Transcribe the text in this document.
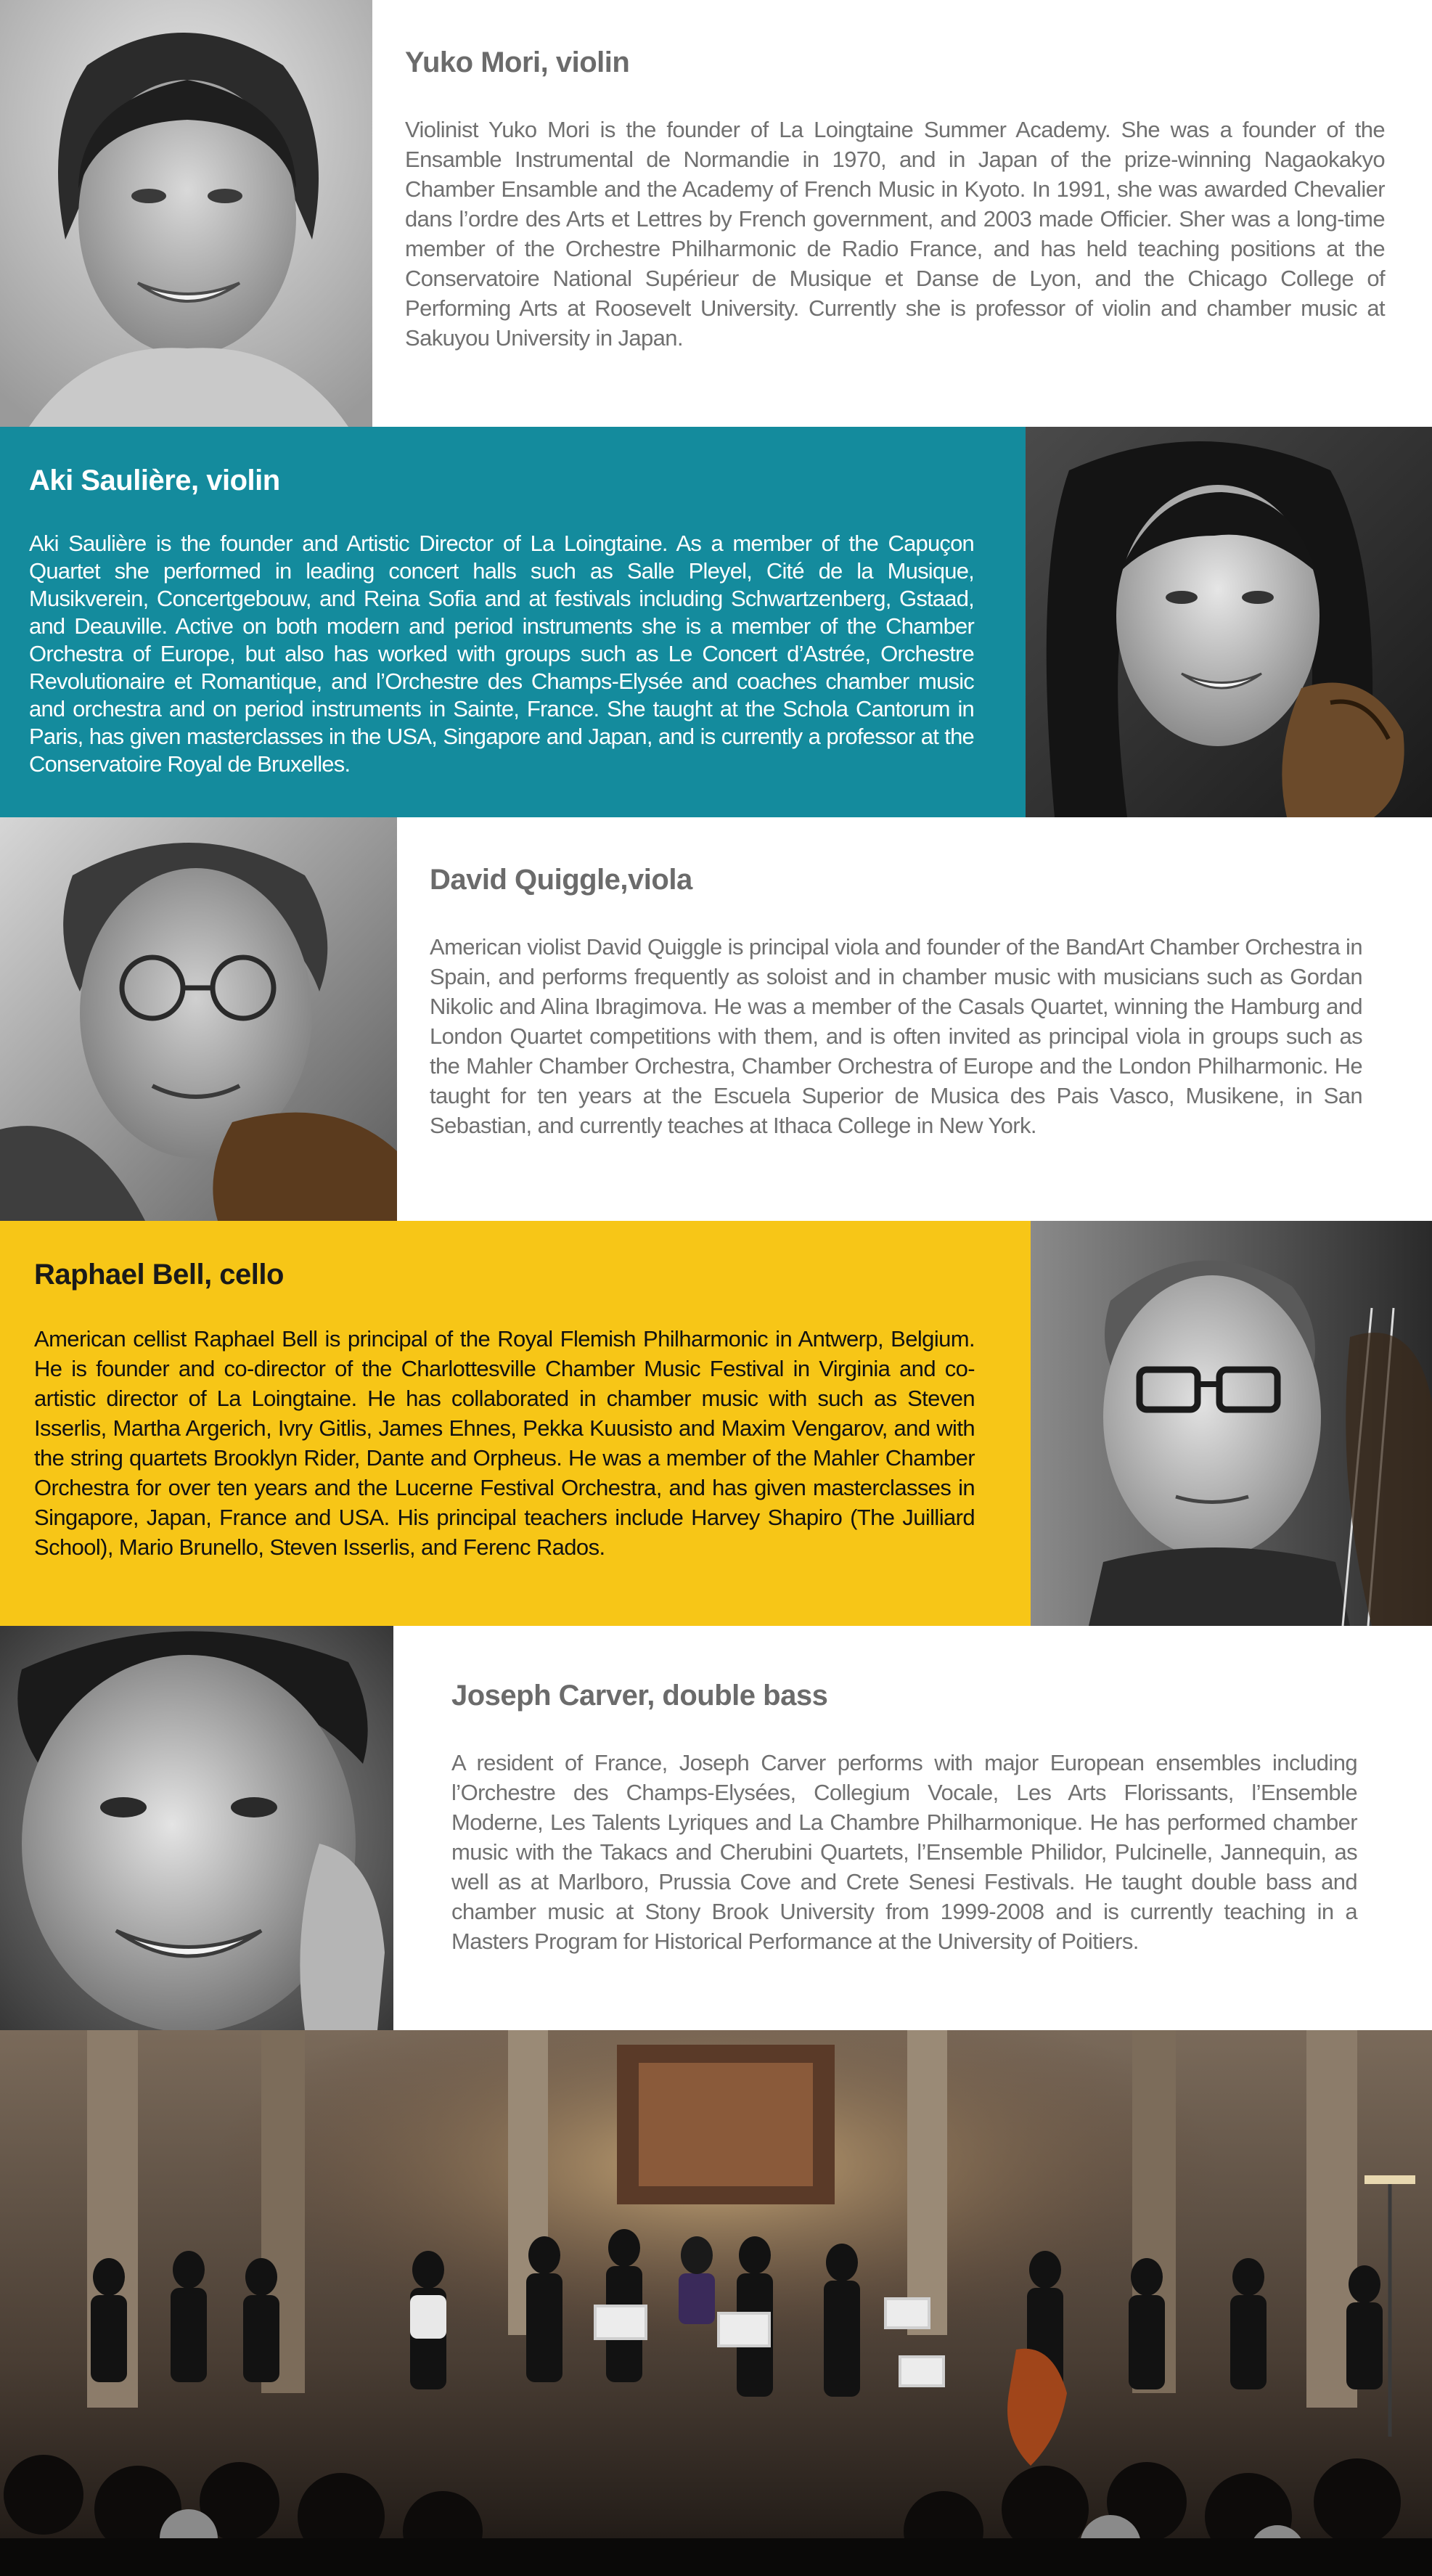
Yuko Mori, violin

Violinist Yuko Mori is the founder of La Loingtaine Summer Academy. She was a founder of the Ensamble Instrumental de Normandie in 1970, and in Japan of the prize-winning Nagaokakyo Chamber Ensamble and the Academy of French Music in Kyoto. In 1991, she was awarded Chevalier dans l’ordre des Arts et Lettres by French government, and 2003 made Officier. Sher was a long-time member of the Orchestre Philharmonic de Radio France, and has held teaching positions at the Conservatoire National Supérieur de Musique et Danse de Lyon, and the Chicago College of Performing Arts at Roosevelt University. Currently she is professor of violin and chamber music at Sakuyou University in Japan.

Aki Saulière, violin

Aki Saulière is the founder and Artistic Director of La Loingtaine. As a member of the Capuçon Quartet she performed in leading concert halls such as Salle Pleyel, Cité de la Musique, Musikverein, Concertgebouw, and Reina Sofia and at festivals including Schwartzenberg, Gstaad, and Deauville. Active on both modern and period instruments she is a member of the Chamber Orchestra of Europe, but also has worked with groups such as Le Concert d’Astrée, Orchestre Revolutionaire et Romantique, and l’Orchestre des Champs-Elysée and coaches chamber music and orchestra and on period instruments in Sainte, France. She taught at the Schola Cantorum in Paris, has given masterclasses in the USA, Singapore and Japan, and is currently a professor at the Conservatoire Royal de Bruxelles.

David Quiggle,viola

American violist David Quiggle is principal viola and founder of the BandArt Chamber Orchestra in Spain, and performs frequently as soloist and in chamber music with musicians such as Gordan Nikolic and Alina Ibragimova. He was a member of the Casals Quartet, winning the Hamburg and London Quartet competitions with them, and is often invited as principal viola in groups such as the Mahler Chamber Orchestra, Chamber Orchestra of Europe and the London Philharmonic. He taught for ten years at the Escuela Superior de Musica des Pais Vasco, Musikene, in San Sebastian, and currently teaches at Ithaca College in New York.

Raphael Bell, cello

American cellist Raphael Bell is principal of the Royal Flemish Philharmonic in Antwerp, Belgium. He is founder and co-director of the Charlottesville Chamber Music Festival in Virginia and co-artistic director of La Loingtaine. He has collaborated in chamber music with such as Steven Isserlis, Martha Argerich, Ivry Gitlis, James Ehnes, Pekka Kuusisto and Maxim Vengarov, and with the string quartets Brooklyn Rider, Dante and Orpheus. He was a member of the Mahler Chamber Orchestra for over ten years and the Lucerne Festival Orchestra, and has given masterclasses in Singapore, Japan, France and USA. His principal teachers include Harvey Shapiro (The Juilliard School), Mario Brunello, Steven Isserlis, and Ferenc Rados.

Joseph Carver, double bass

A resident of France, Joseph Carver performs with major European ensembles including l’Orchestre des Champs-Elysées, Collegium Vocale, Les Arts Florissants, l’Ensemble Moderne, Les Talents Lyriques and La Chambre Philharmonique. He has performed chamber music with the Takacs and Cherubini Quartets, l’Ensemble Philidor, Pulcinelle, Jannequin, as well as at Marlboro, Prussia Cove and Crete Senesi Festivals. He taught double bass and chamber music at Stony Brook University from 1999-2008 and is currently teaching in a Masters Program for Historical Performance at the University of Poitiers.
